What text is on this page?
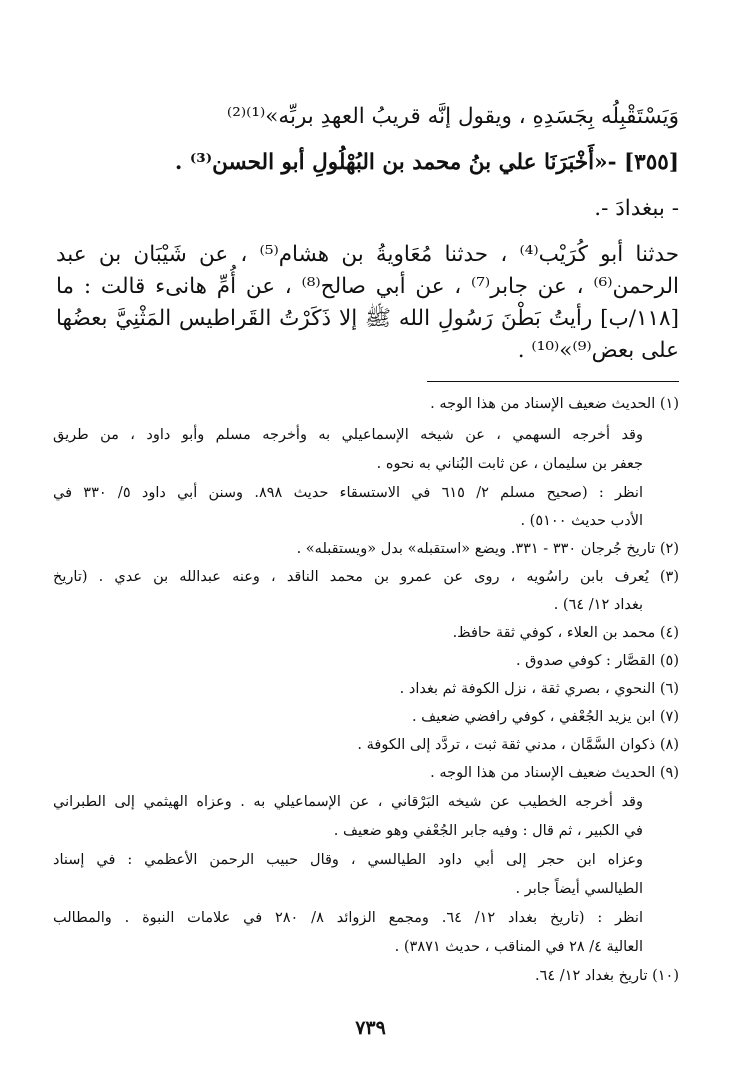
وَيَسْتَقْبِلُه بِجَسَدِهِ ، ويقول إنَّه قريبُ العهدِ بربِّه»⁽¹⁾⁽²⁾
[٣٥٥] -«أَخْبَرَنَا علي بنُ محمد بن البُهْلُولِ أبو الحسن⁽³⁾ .
- ببغدادَ -.
حدثنا أبو كُرَيْب⁽⁴⁾ ، حدثنا مُعَاويةُ بن هشام⁽⁵⁾ ، عن شَيْبَان بن عبد
الرحمن⁽⁶⁾ ، عن جابر⁽⁷⁾ ، عن أبي صالح⁽⁸⁾ ، عن أُمِّ هانىء قالت : ما
[١١٨/ب] رأيتُ بَطْنَ رَسُولِ الله ﷺ إلا ذَكَرْتُ القَراطيس المَثْنِيَّ بعضُها
على بعض⁽⁹⁾»⁽¹⁰⁾ .
(١) الحديث ضعيف الإسناد من هذا الوجه .
وقد أخرجه السهمي ، عن شيخه الإسماعيلي به وأخرجه مسلم وأبو داود ، من طريق
جعفر بن سليمان ، عن ثابت البُناني به نحوه .
انظر : (صحيح مسلم ٢/ ٦١٥ في الاستسقاء حديث ٨٩٨. وسنن أبي داود ٥/ ٣٣٠ في
الأدب حديث ٥١٠٠) .
(٢) تاريخ جُرجان ٣٣٠ - ٣٣١. ويضع «استقبله» بدل «ويستقبله» .
(٣) يُعرف بابن راسُويه ، روى عن عمرو بن محمد الناقد ، وعنه عبدالله بن عدي . (تاريخ
بغداد ١٢/ ٦٤) .
(٤) محمد بن العلاء ، كوفي ثقة حافظ.
(٥) القصَّار : كوفي صدوق .
(٦) النحوي ، بصري ثقة ، نزل الكوفة ثم بغداد .
(٧) ابن يزيد الجُعْفي ، كوفي رافضي ضعيف .
(٨) ذكوان السَّمَّان ، مدني ثقة ثبت ، تردَّد إلى الكوفة .
(٩) الحديث ضعيف الإسناد من هذا الوجه .
وقد أخرجه الخطيب عن شيخه البَرْقاني ، عن الإسماعيلي به . وعزاه الهيثمي إلى الطبراني
في الكبير ، ثم قال : وفيه جابر الجُعْفي وهو ضعيف .
وعزاه ابن حجر إلى أبي داود الطيالسي ، وقال حبيب الرحمن الأعظمي : في إسناد
الطيالسي أيضاً جابر .
انظر : (تاريخ بغداد ١٢/ ٦٤. ومجمع الزوائد ٨/ ٢٨٠ في علامات النبوة . والمطالب
العالية ٤/ ٢٨ في المناقب ، حديث ٣٨٧١) .
(١٠) تاريخ بغداد ١٢/ ٦٤.
٧٣٩
